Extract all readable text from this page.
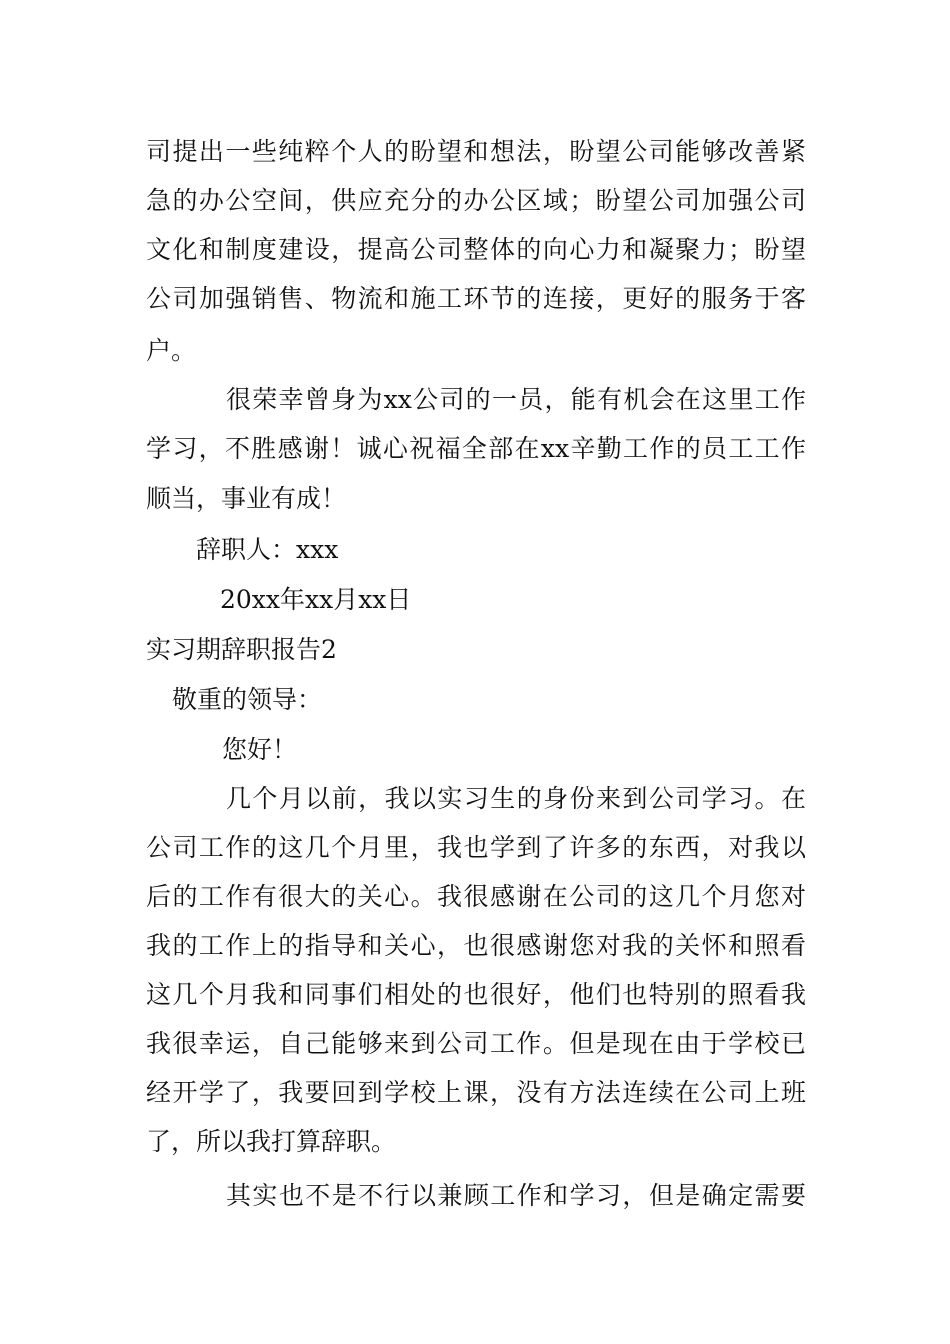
司提出一些纯粹个人的盼望和想法，盼望公司能够改善紧
急的办公空间，供应充分的办公区域；盼望公司加强公司
文化和制度建设，提高公司整体的向心力和凝聚力；盼望
公司加强销售、物流和施工环节的连接，更好的服务于客
户。
很荣幸曾身为xx公司的一员，能有机会在这里工作
学习，不胜感谢！诚心祝福全部在xx辛勤工作的员工工作
顺当，事业有成！
辞职人：xxx
20xx年xx月xx日
实习期辞职报告2
敬重的领导：
您好！
几个月以前，我以实习生的身份来到公司学习。在
公司工作的这几个月里，我也学到了许多的东西，对我以
后的工作有很大的关心。我很感谢在公司的这几个月您对
我的工作上的指导和关心，也很感谢您对我的关怀和照看
这几个月我和同事们相处的也很好，他们也特别的照看我
我很幸运，自己能够来到公司工作。但是现在由于学校已
经开学了，我要回到学校上课，没有方法连续在公司上班
了，所以我打算辞职。
其实也不是不行以兼顾工作和学习，但是确定需要
